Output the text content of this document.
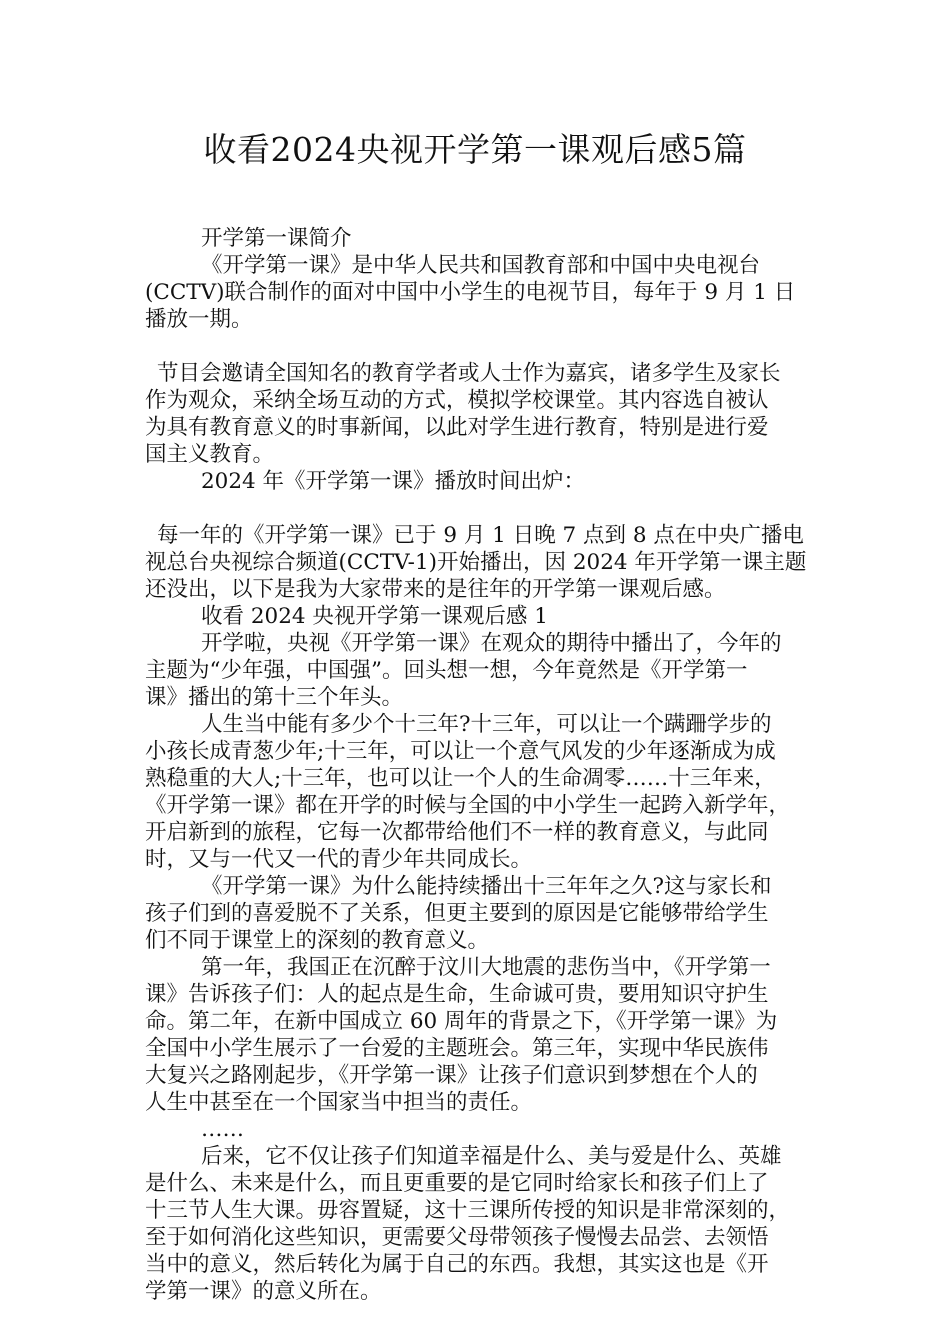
收看2024央视开学第一课观后感5篇

开学第一课简介

《开学第一课》是中华人民共和国教育部和中国中央电视台

(CCTV)联合制作的面对中国中小学生的电视节目，每年于 9 月 1 日

播放一期。

节目会邀请全国知名的教育学者或人士作为嘉宾，诸多学生及家长

作为观众，采纳全场互动的方式，模拟学校课堂。其内容选自被认

为具有教育意义的时事新闻，以此对学生进行教育，特别是进行爱

国主义教育。

2024 年《开学第一课》播放时间出炉：

每一年的《开学第一课》已于 9 月 1 日晚 7 点到 8 点在中央广播电

视总台央视综合频道(CCTV-1)开始播出，因 2024 年开学第一课主题

还没出，以下是我为大家带来的是往年的开学第一课观后感。

收看 2024 央视开学第一课观后感 1

开学啦，央视《开学第一课》在观众的期待中播出了，今年的

主题为“少年强，中国强”。回头想一想，今年竟然是《开学第一

课》播出的第十三个年头。

人生当中能有多少个十三年?十三年，可以让一个蹒跚学步的

小孩长成青葱少年;十三年，可以让一个意气风发的少年逐渐成为成

熟稳重的大人;十三年，也可以让一个人的生命凋零……十三年来，

《开学第一课》都在开学的时候与全国的中小学生一起跨入新学年，

开启新到的旅程，它每一次都带给他们不一样的教育意义，与此同

时，又与一代又一代的青少年共同成长。

《开学第一课》为什么能持续播出十三年年之久?这与家长和

孩子们到的喜爱脱不了关系，但更主要到的原因是它能够带给学生

们不同于课堂上的深刻的教育意义。

第一年，我国正在沉醉于汶川大地震的悲伤当中，《开学第一

课》告诉孩子们：人的起点是生命，生命诚可贵，要用知识守护生

命。第二年，在新中国成立 60 周年的背景之下，《开学第一课》为

全国中小学生展示了一台爱的主题班会。第三年，实现中华民族伟

大复兴之路刚起步，《开学第一课》让孩子们意识到梦想在个人的

人生中甚至在一个国家当中担当的责任。

……

后来，它不仅让孩子们知道幸福是什么、美与爱是什么、英雄

是什么、未来是什么，而且更重要的是它同时给家长和孩子们上了

十三节人生大课。毋容置疑，这十三课所传授的知识是非常深刻的，

至于如何消化这些知识，更需要父母带领孩子慢慢去品尝、去领悟

当中的意义，然后转化为属于自己的东西。我想，其实这也是《开

学第一课》的意义所在。
